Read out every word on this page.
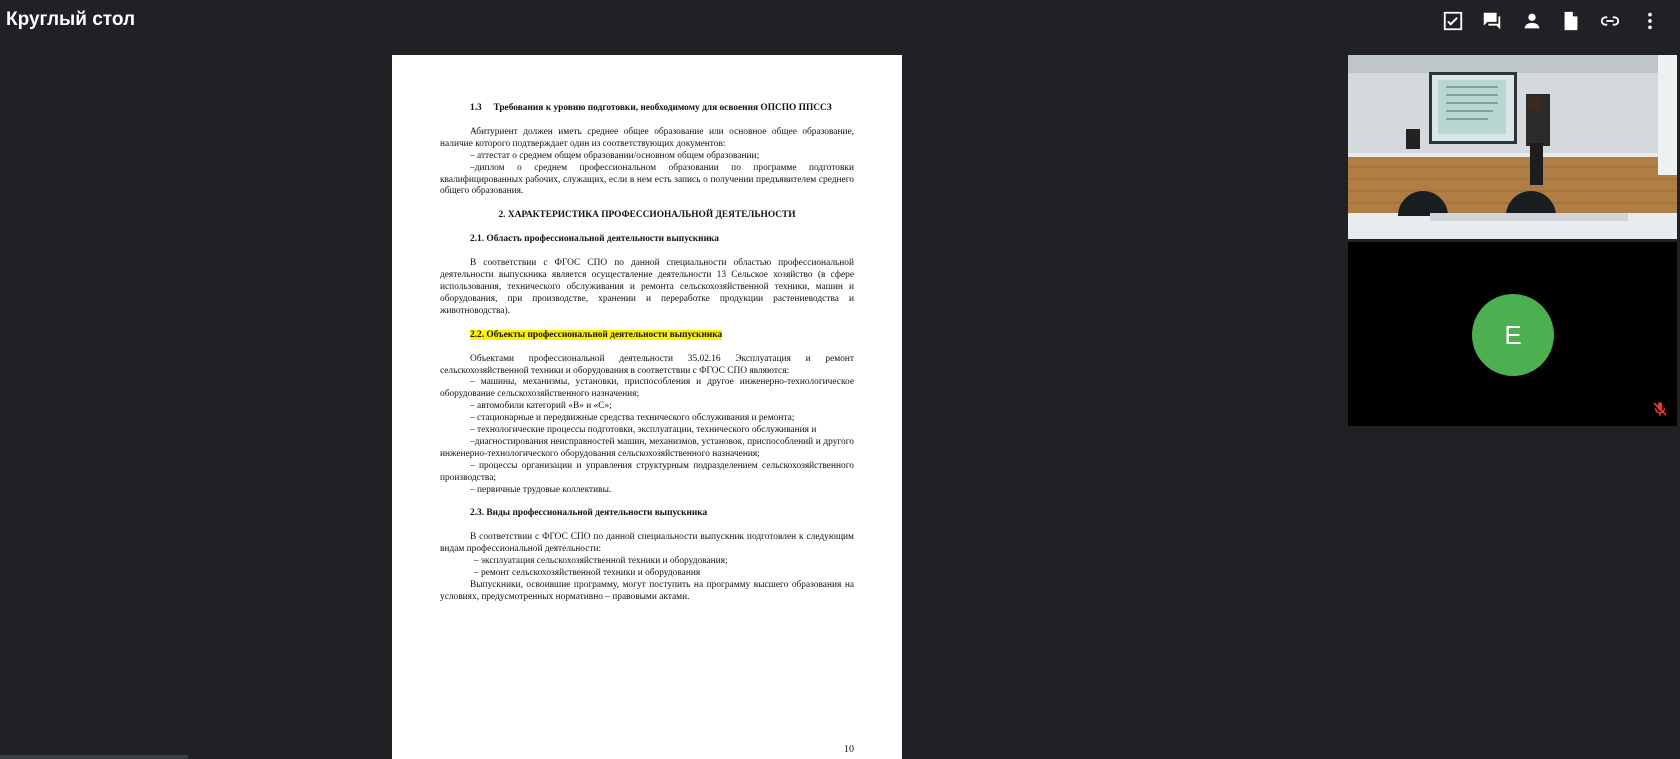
Круглый стол

1.3 Требования к уровню подготовки, необходимому для освоения ОПСПО ППССЗ

Абитуриент должен иметь среднее общее образование или основное общее образование, наличие которого подтверждает один из соответствующих документов:

– аттестат о среднем общем образовании/основном общем образовании;

–диплом о среднем профессиональном образовании по программе подготовки квалифицированных рабочих, служащих, если в нем есть запись о получении предъявителем среднего общего образования.

2. ХАРАКТЕРИСТИКА ПРОФЕССИОНАЛЬНОЙ ДЕЯТЕЛЬНОСТИ

2.1. Область профессиональной деятельности выпускника

В соответствии с ФГОС СПО по данной специальности областью профессиональной деятельности выпускника является осуществление деятельности 13 Сельское хозяйство (в сфере использования, технического обслуживания и ремонта сельскохозяйственной техники, машин и оборудования, при производстве, хранении и переработке продукции растениеводства и животноводства).

2.2. Объекты профессиональной деятельности выпускника

Объектами профессиональной деятельности 35.02.16 Эксплуатация и ремонт сельскохозяйственной техники и оборудования в соответствии с ФГОС СПО являются:

– машины, механизмы, установки, приспособления и другое инженерно-технологическое оборудование сельскохозяйственного назначения;

– автомобили категорий «В» и «С»;

– стационарные и передвижные средства технического обслуживания и ремонта;

– технологические процессы подготовки, эксплуатации, технического обслуживания и

–диагностирования неисправностей машин, механизмов, установок, приспособлений и другого инженерно-технологического оборудования сельскохозяйственного назначения;

– процессы организации и управления структурным подразделением сельскохозяйственного производства;

– первичные трудовые коллективы.

2.3. Виды профессиональной деятельности выпускника

В соответствии с ФГОС СПО по данной специальности выпускник подготовлен к следующим видам профессиональной деятельности:

– эксплуатация сельскохозяйственной техники и оборудования;

– ремонт сельскохозяйственной техники и оборудования

Выпускники, освоившие программу, могут поступить на программу высшего образования на условиях, предусмотренных нормативно – правовыми актами.

10
E
